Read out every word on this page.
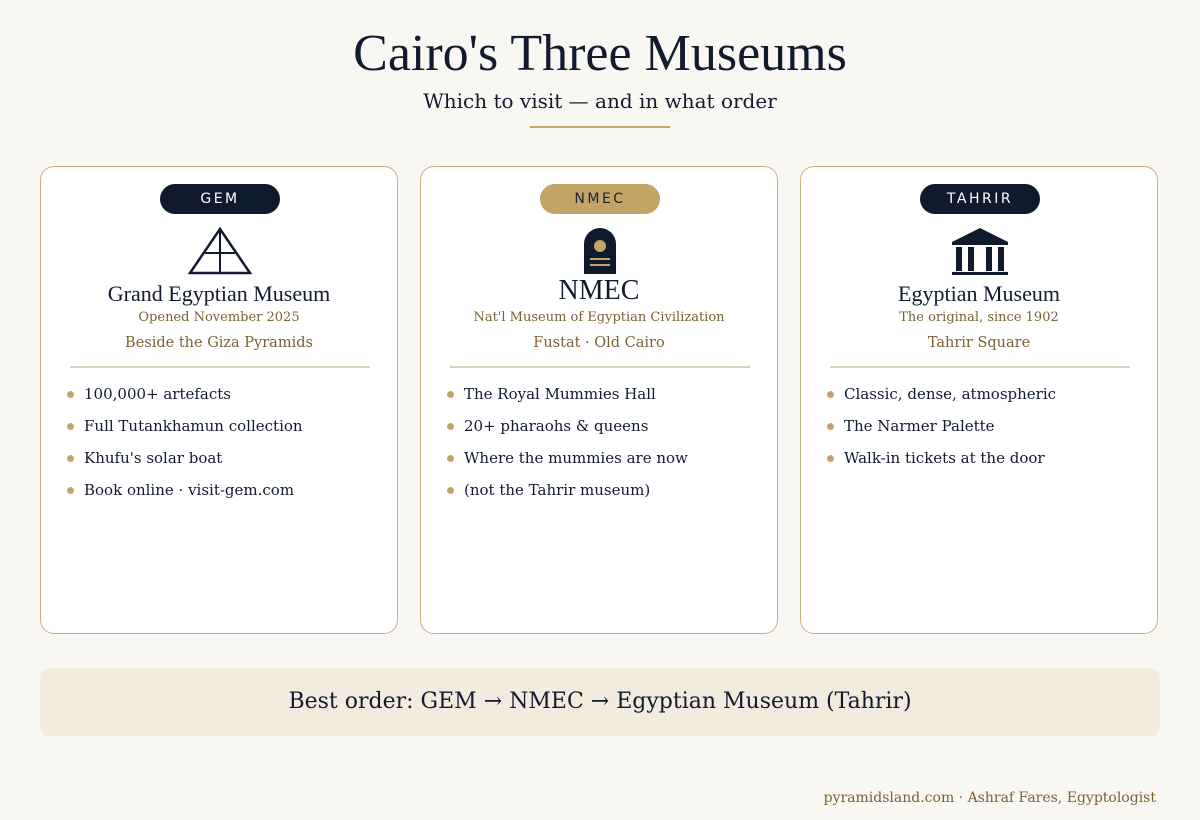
Cairo's Three Museums
Which to visit — and in what order
GEM
Grand Egyptian Museum
Opened November 2025
Beside the Giza Pyramids
100,000+ artefacts
Full Tutankhamun collection
Khufu's solar boat
Book online · visit-gem.com
NMEC
NMEC
Nat'l Museum of Egyptian Civilization
Fustat · Old Cairo
The Royal Mummies Hall
20+ pharaohs & queens
Where the mummies are now
(not the Tahrir museum)
TAHRIR
Egyptian Museum
The original, since 1902
Tahrir Square
Classic, dense, atmospheric
The Narmer Palette
Walk-in tickets at the door
Best order: GEM → NMEC → Egyptian Museum (Tahrir)
pyramidsland.com · Ashraf Fares, Egyptologist
